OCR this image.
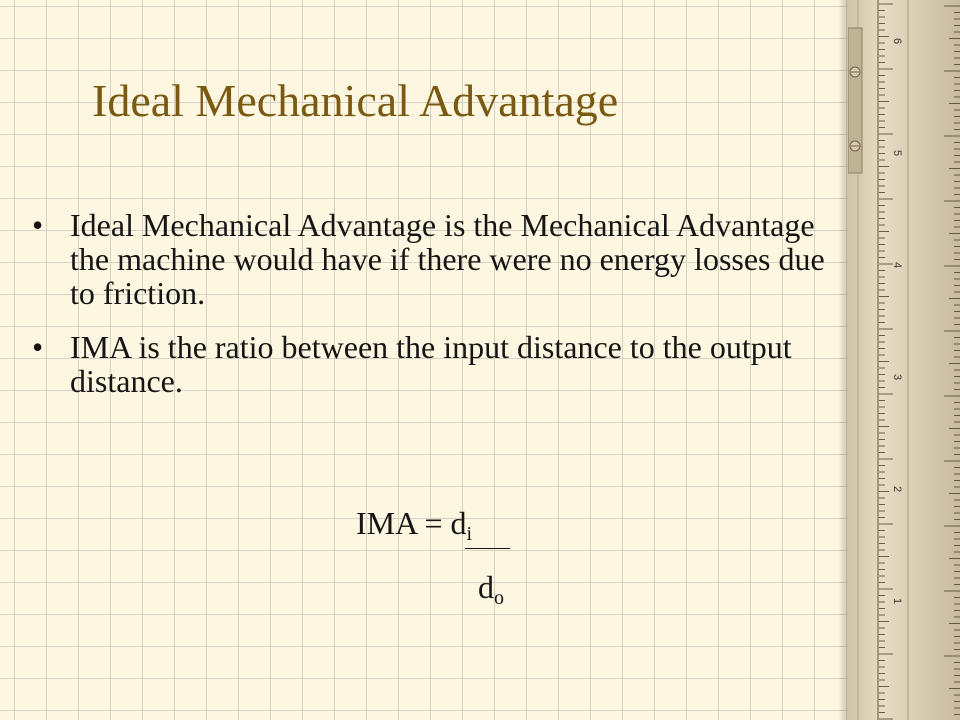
Ideal Mechanical Advantage
• Ideal Mechanical Advantage is the Mechanical Advantage the machine would have if there were no energy losses due to friction.
• IMA is the ratio between the input distance to the output distance.
IMA = $d_i$
$d_o$
6
5
4
3
2
1
